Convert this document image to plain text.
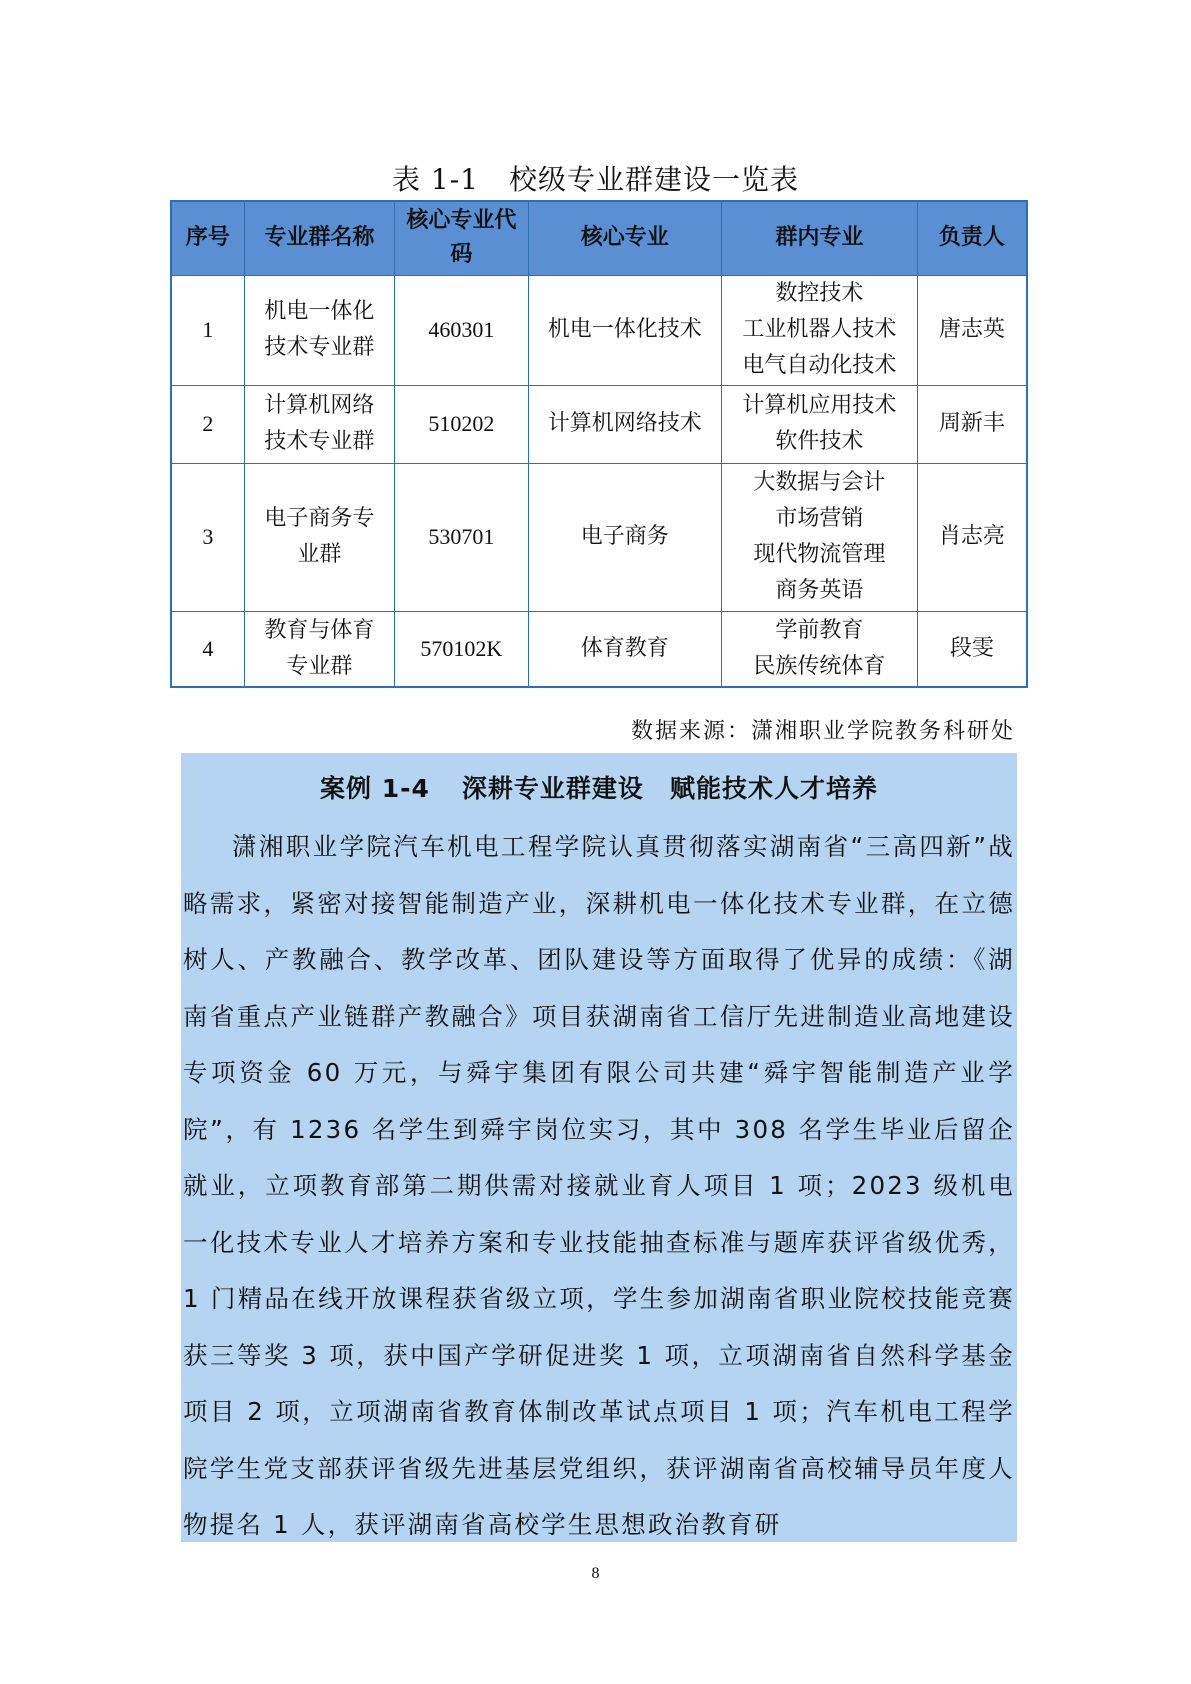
表 1-1 校级专业群建设一览表
序号	专业群名称	核心专业代码	核心专业	群内专业	负责人
1	机电一体化技术专业群	460301	机电一体化技术	数控技术
工业机器人技术
电气自动化技术	唐志英
2	计算机网络技术专业群	510202	计算机网络技术	计算机应用技术
软件技术	周新丰
3	电子商务专业群	530701	电子商务	大数据与会计
市场营销
现代物流管理
商务英语	肖志亮
4	教育与体育专业群	570102K	体育教育	学前教育
民族传统体育	段雯
数据来源：潇湘职业学院教务科研处
案例 1-4 深耕专业群建设 赋能技术人才培养
潇湘职业学院汽车机电工程学院认真贯彻落实湖南省“三高四新”战略需求，紧密对接智能制造产业，深耕机电一体化技术专业群，在立德树人、产教融合、教学改革、团队建设等方面取得了优异的成绩：《湖南省重点产业链群产教融合》项目获湖南省工信厅先进制造业高地建设专项资金 60 万元，与舜宇集团有限公司共建“舜宇智能制造产业学院”，有 1236 名学生到舜宇岗位实习，其中 308 名学生毕业后留企就业，立项教育部第二期供需对接就业育人项目 1 项；2023 级机电一化技术专业人才培养方案和专业技能抽查标准与题库获评省级优秀，1 门精品在线开放课程获省级立项，学生参加湖南省职业院校技能竞赛获三等奖 3 项，获中国产学研促进奖 1 项，立项湖南省自然科学基金项目 2 项，立项湖南省教育体制改革试点项目 1 项；汽车机电工程学院学生党支部获评省级先进基层党组织，获评湖南省高校辅导员年度人物提名 1 人，获评湖南省高校学生思想政治教育研
8
